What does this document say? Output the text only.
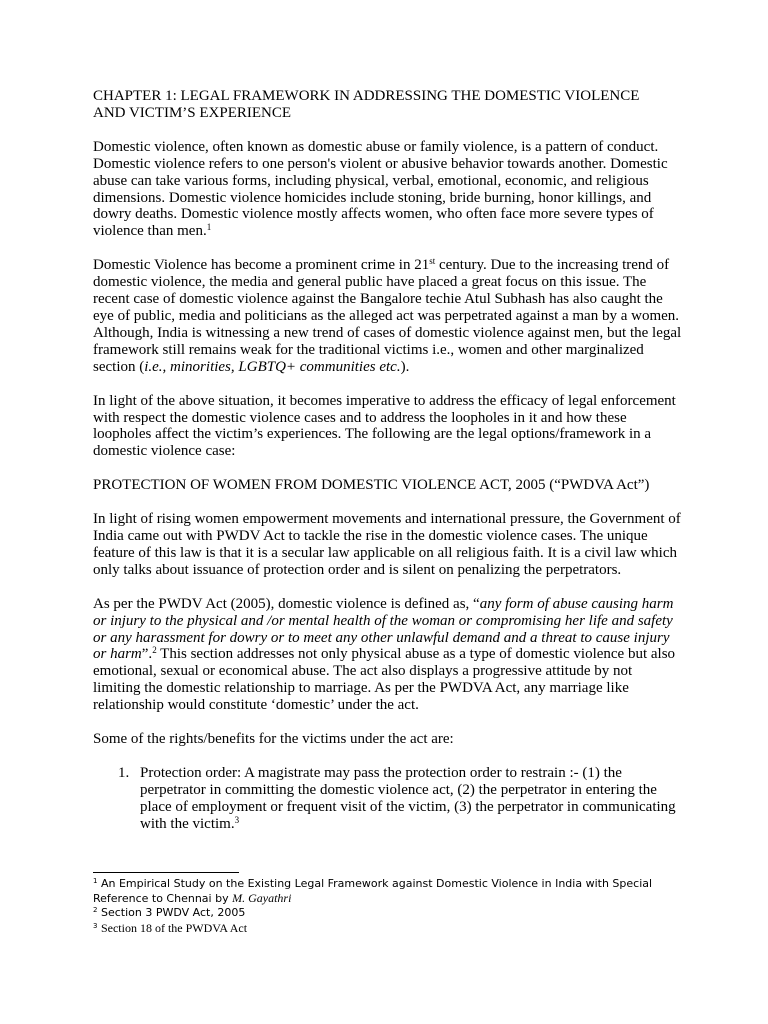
CHAPTER 1: LEGAL FRAMEWORK IN ADDRESSING THE DOMESTIC VIOLENCE
AND VICTIM’S EXPERIENCE

Domestic violence, often known as domestic abuse or family violence, is a pattern of conduct. Domestic violence refers to one person's violent or abusive behavior towards another. Domestic abuse can take various forms, including physical, verbal, emotional, economic, and religious dimensions. Domestic violence homicides include stoning, bride burning, honor killings, and dowry deaths. Domestic violence mostly affects women, who often face more severe types of violence than men.$^1$

Domestic Violence has become a prominent crime in 21st century. Due to the increasing trend of domestic violence, the media and general public have placed a great focus on this issue. The recent case of domestic violence against the Bangalore techie Atul Subhash has also caught the eye of public, media and politicians as the alleged act was perpetrated against a man by a women. Although, India is witnessing a new trend of cases of domestic violence against men, but the legal framework still remains weak for the traditional victims i.e., women and other marginalized section (i.e., minorities, LGBTQ+ communities etc.).

In light of the above situation, it becomes imperative to address the efficacy of legal enforcement with respect the domestic violence cases and to address the loopholes in it and how these loopholes affect the victim’s experiences. The following are the legal options/framework in a domestic violence case:

PROTECTION OF WOMEN FROM DOMESTIC VIOLENCE ACT, 2005 (“PWDVA Act”)

In light of rising women empowerment movements and international pressure, the Government of India came out with PWDV Act to tackle the rise in the domestic violence cases. The unique feature of this law is that it is a secular law applicable on all religious faith. It is a civil law which only talks about issuance of protection order and is silent on penalizing the perpetrators.

As per the PWDV Act (2005), domestic violence is defined as, “any form of abuse causing harm or injury to the physical and /or mental health of the woman or compromising her life and safety or any harassment for dowry or to meet any other unlawful demand and a threat to cause injury or harm”.$^2$ This section addresses not only physical abuse as a type of domestic violence but also emotional, sexual or economical abuse. The act also displays a progressive attitude by not limiting the domestic relationship to marriage. As per the PWDVA Act, any marriage like relationship would constitute ‘domestic’ under the act.

Some of the rights/benefits for the victims under the act are:

1. Protection order: A magistrate may pass the protection order to restrain :- (1) the perpetrator in committing the domestic violence act, (2) the perpetrator in entering the place of employment or frequent visit of the victim, (3) the perpetrator in communicating with the victim.$^3$
$^1$ An Empirical Study on the Existing Legal Framework against Domestic Violence in India with Special Reference to Chennai by M. Gayathri
$^2$ Section 3 PWDV Act, 2005
$^3$ Section 18 of the PWDVA Act
